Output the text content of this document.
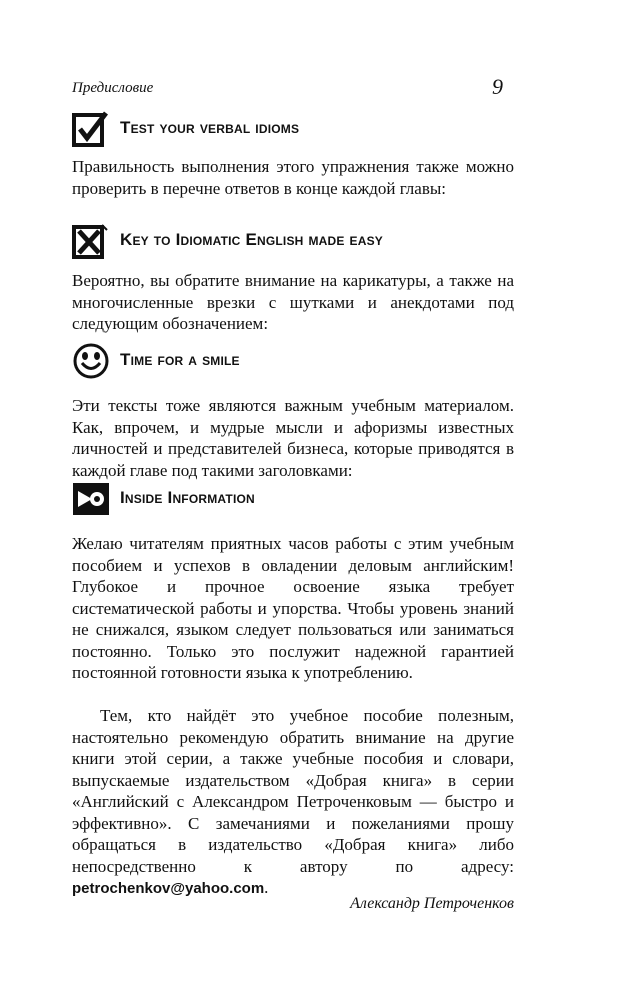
Предисловие	9
Test your verbal idioms
Правильность выполнения этого упражнения также можно проверить в перечне ответов в конце каждой главы:
Key to Idiomatic English made easy
Вероятно, вы обратите внимание на карикатуры, а также на многочисленные врезки с шутками и анекдотами под следующим обозначением:
Time for a smile
Эти тексты тоже являются важным учебным материалом. Как, впрочем, и мудрые мысли и афоризмы известных личностей и представителей бизнеса, которые приводятся в каждой главе под такими заголовками:
Inside Information
Желаю читателям приятных часов работы с этим учебным пособием и успехов в овладении деловым английским! Глубокое и прочное освоение языка требует систематической работы и упорства. Чтобы уровень знаний не снижался, языком следует пользоваться или заниматься постоянно. Только это послужит надежной гарантией постоянной готовности языка к употреблению.
Тем, кто найдёт это учебное пособие полезным, настоятельно рекомендую обратить внимание на другие книги этой серии, а также учебные пособия и словари, выпускаемые издательством «Добрая книга» в серии «Английский с Александром Петроченковым — быстро и эффективно». С замечаниями и пожеланиями прошу обращаться в издательство «Добрая книга» либо непосредственно к автору по адресу: petrochenkov@yahoo.com.
Александр Петроченков
